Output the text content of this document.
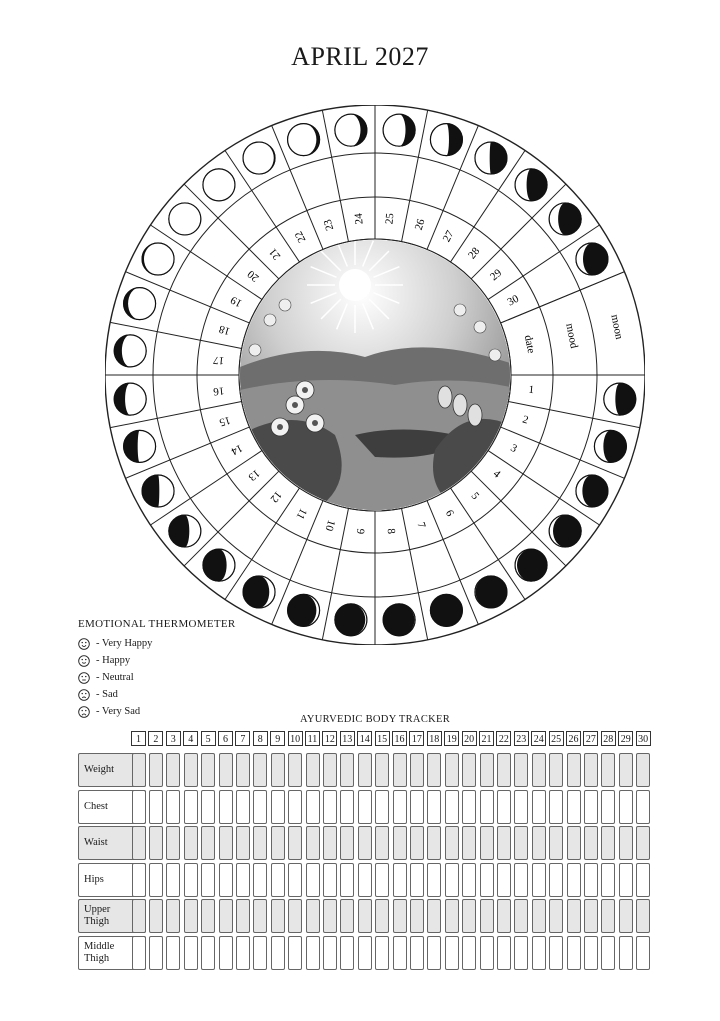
APRIL 2027
moon
mood
date
1
2
3
4
5
6
7
8
9
10
11
12
13
14
15
16
17
18
19
20
21
22
23 24 25 26
27
28
29
30
EMOTIONAL THERMOMETER
- Very Happy
- Happy
- Neutral
- Sad
- Very Sad
AYURVEDIC BODY TRACKER
1	2	3	4	5	6	7	8	9 10 11 12 13 14 15 16 17 18 19 20 21 22 23 24 25 26 27 28 29 30
Weight
Chest
Waist
Hips
Upper
Thigh
Middle
Thigh
